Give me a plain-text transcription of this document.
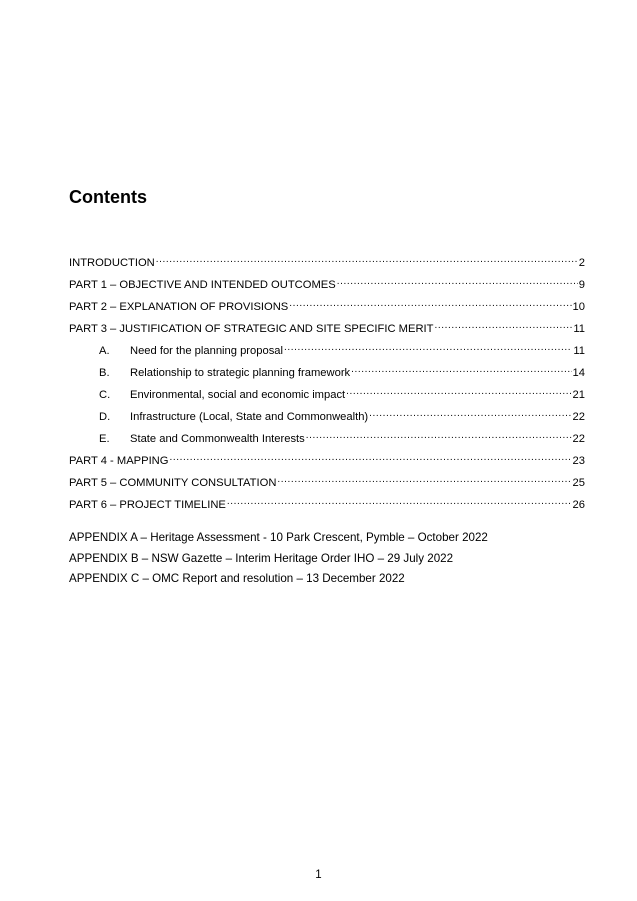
Contents
INTRODUCTION .....	2
PART 1 – OBJECTIVE AND INTENDED OUTCOMES .....	9
PART 2 – EXPLANATION OF PROVISIONS .....	10
PART 3 – JUSTIFICATION OF STRATEGIC AND SITE SPECIFIC MERIT .....	11
A.	Need for the planning proposal .....	11
B.	Relationship to strategic planning framework .....	14
C.	Environmental, social and economic impact .....	21
D.	Infrastructure (Local, State and Commonwealth) .....	22
E.	State and Commonwealth Interests .....	22
PART 4 - MAPPING .....	23
PART 5 – COMMUNITY CONSULTATION .....	25
PART 6 – PROJECT TIMELINE .....	26
APPENDIX A – Heritage Assessment - 10 Park Crescent, Pymble – October 2022
APPENDIX B – NSW Gazette – Interim Heritage Order IHO – 29 July 2022
APPENDIX C – OMC Report and resolution – 13 December 2022
1
